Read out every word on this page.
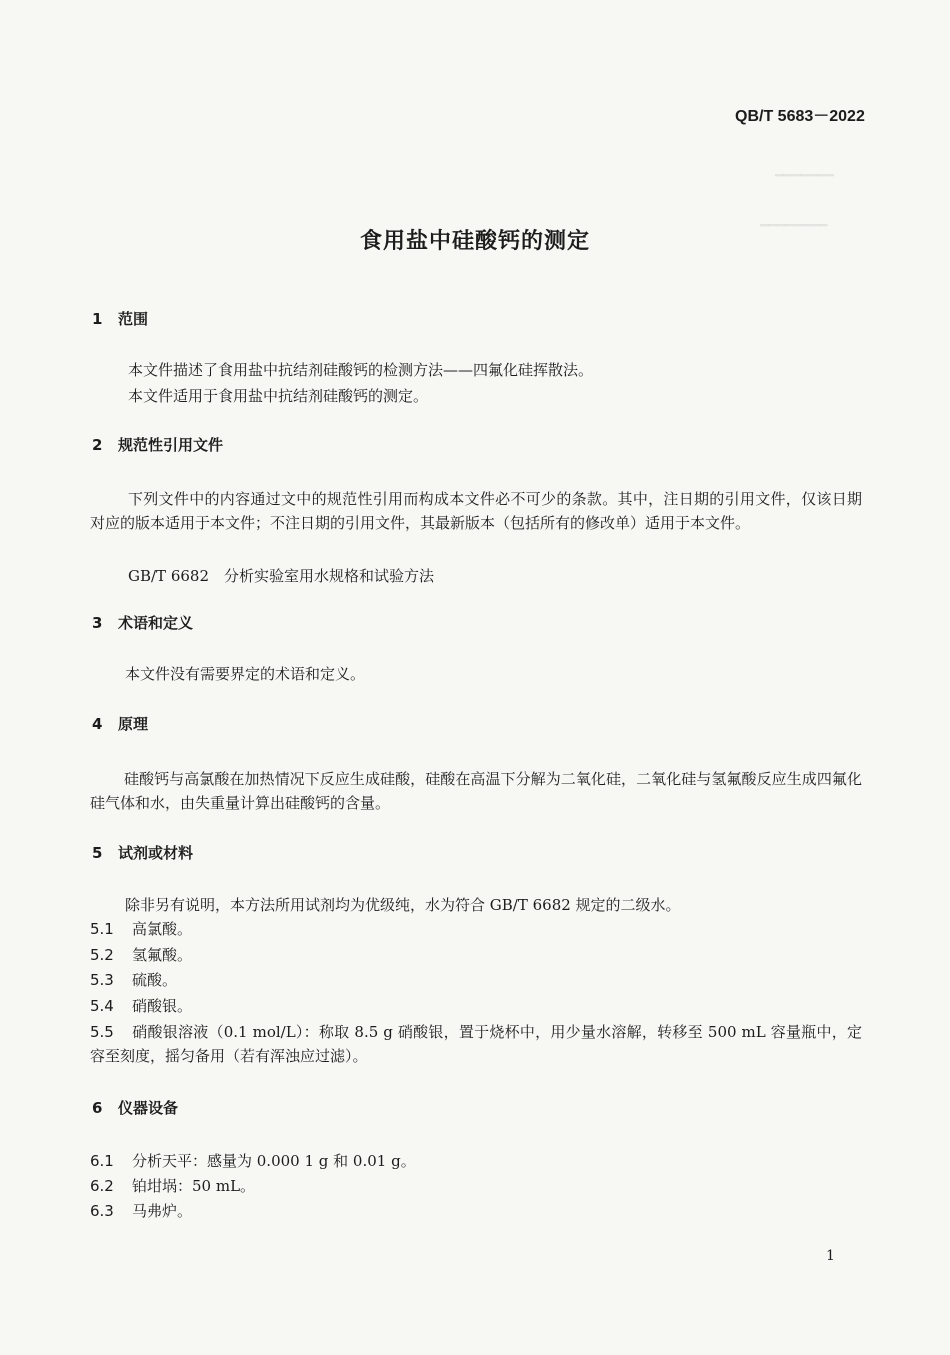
━━━━━━━
━━━━━━━━
QB/T 5683－2022
食用盐中硅酸钙的测定
1 范围
本文件描述了食用盐中抗结剂硅酸钙的检测方法——四氟化硅挥散法。
本文件适用于食用盐中抗结剂硅酸钙的测定。
2 规范性引用文件
下列文件中的内容通过文中的规范性引用而构成本文件必不可少的条款。其中，注日期的引用文件，仅该日期对应的版本适用于本文件；不注日期的引用文件，其最新版本（包括所有的修改单）适用于本文件。
GB/T 6682　分析实验室用水规格和试验方法
3 术语和定义
本文件没有需要界定的术语和定义。
4 原理
硅酸钙与高氯酸在加热情况下反应生成硅酸，硅酸在高温下分解为二氧化硅，二氧化硅与氢氟酸反应生成四氟化硅气体和水，由失重量计算出硅酸钙的含量。
5 试剂或材料
除非另有说明，本方法所用试剂均为优级纯，水为符合 GB/T 6682 规定的二级水。
5.1 高氯酸。
5.2 氢氟酸。
5.3 硫酸。
5.4 硝酸银。
5.5 硝酸银溶液（0.1 mol/L）：称取 8.5 g 硝酸银，置于烧杯中，用少量水溶解，转移至 500 mL 容量瓶中，定容至刻度，摇匀备用（若有浑浊应过滤）。
6 仪器设备
6.1 分析天平：感量为 0.000 1 g 和 0.01 g。
6.2 铂坩埚：50 mL。
6.3 马弗炉。
1
